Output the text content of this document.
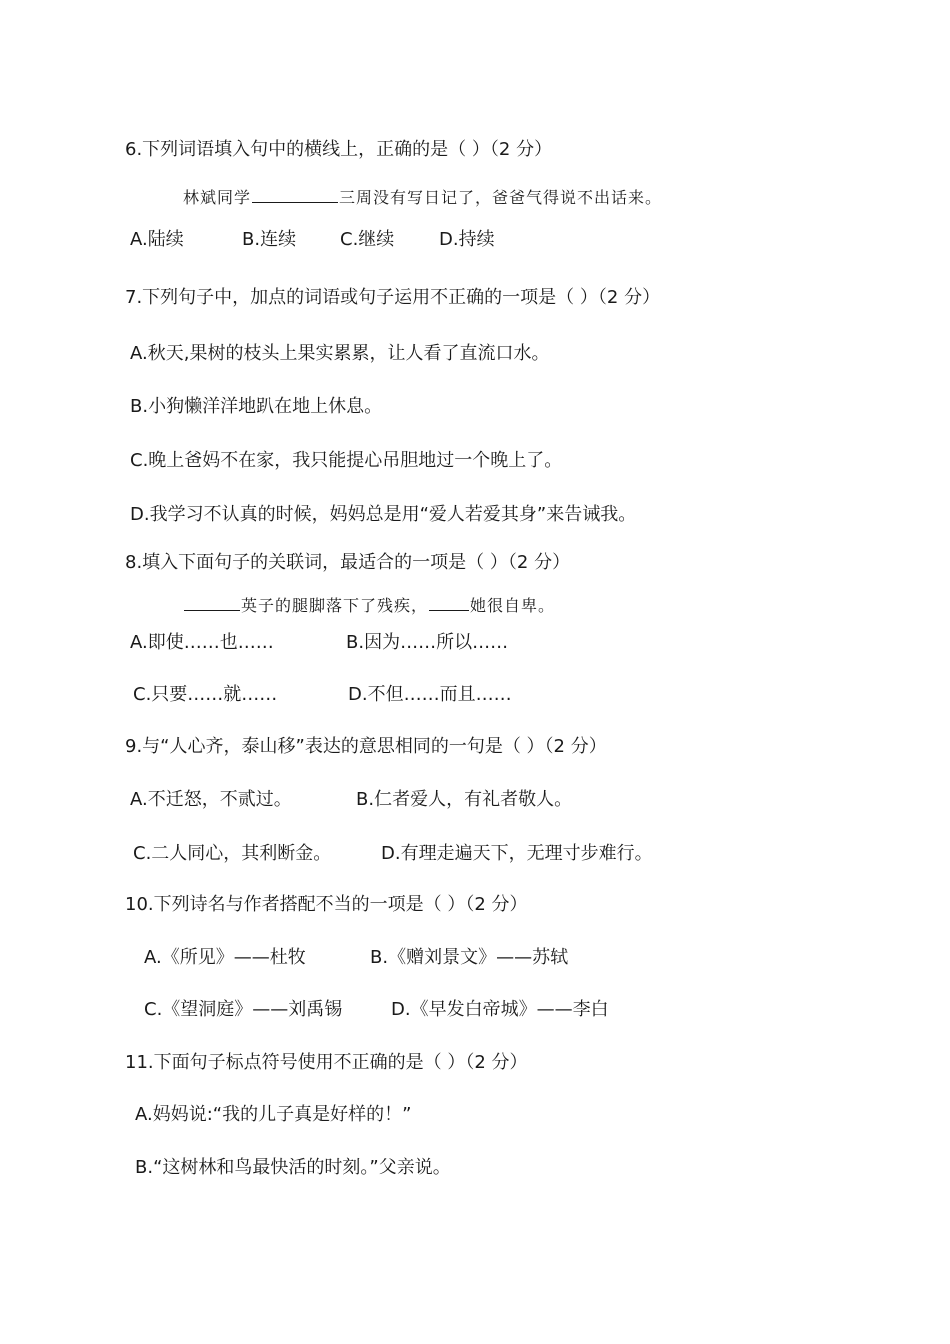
6.下列词语填入句中的横线上，正确的是（ ）（2 分）
林斌同学	三周没有写日记了，爸爸气得说不出话来。
A.陆续	B.连续 C.继续 D.持续
7.下列句子中，加点的词语或句子运用不正确的一项是（ ）（2 分）
A.秋天,果树的枝头上果实累累，让人看了直流口水。
B.小狗懒洋洋地趴在地上休息。
C.晚上爸妈不在家，我只能提心吊胆地过一个晚上了。
D.我学习不认真的时候，妈妈总是用“爱人若爱其身”来告诫我。
8.填入下面句子的关联词，最适合的一项是（ ）（2 分）
英子的腿脚落下了残疾，	她很自卑。
A.即使……也……	B.因为……所以……
C.只要……就……	D.不但……而且……
9.与“人心齐，泰山移”表达的意思相同的一句是（ ）（2 分）
A.不迁怒，不贰过。	B.仁者爱人，有礼者敬人。
C.二人同心，其利断金。	D.有理走遍天下，无理寸步难行。
10.下列诗名与作者搭配不当的一项是（ ）（2 分）
A.《所见》——杜牧	B.《赠刘景文》——苏轼
C.《望洞庭》——刘禹锡	D.《早发白帝城》——李白
11.下面句子标点符号使用不正确的是（ ）（2 分）
A.妈妈说:“我的儿子真是好样的！”
B.“这树林和鸟最快活的时刻。”父亲说。
